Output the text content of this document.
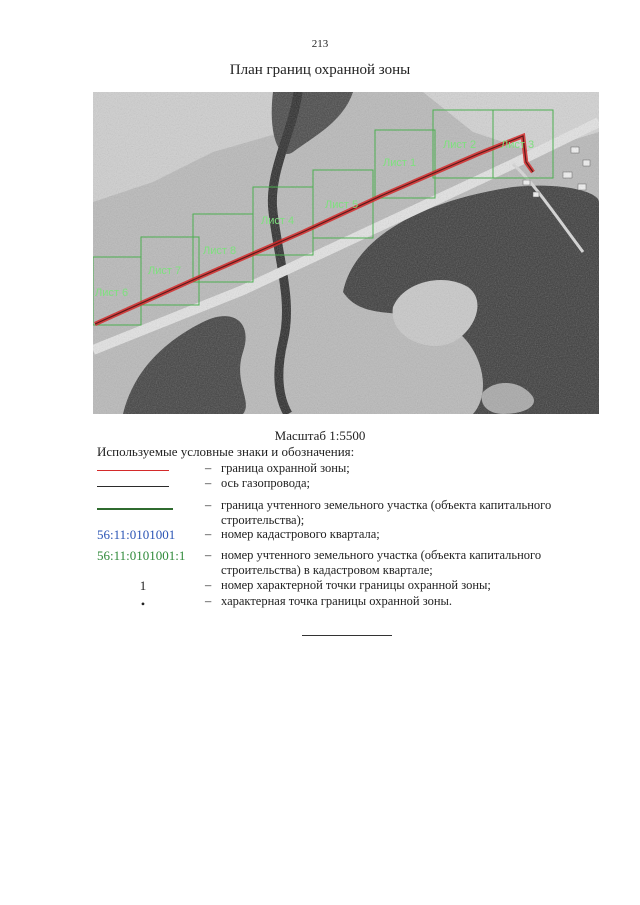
213
План границ охранной зоны
Лист 6
Лист 7
Лист 8
Лист 4
Лист 5
Лист 1
Лист 2 Лист 3
Масштаб 1:5500
Используемые условные знаки и обозначения:
– граница охранной зоны;
– ось газопровода;
– граница учтенного земельного участка (объекта капитального строительства);
56:11:0101001	– номер кадастрового квартала;
56:11:0101001:1 – номер учтенного земельного участка (объекта капитального строительства) в кадастровом квартале;
1	– номер характерной точки границы охранной зоны;
•	– характерная точка границы охранной зоны.
